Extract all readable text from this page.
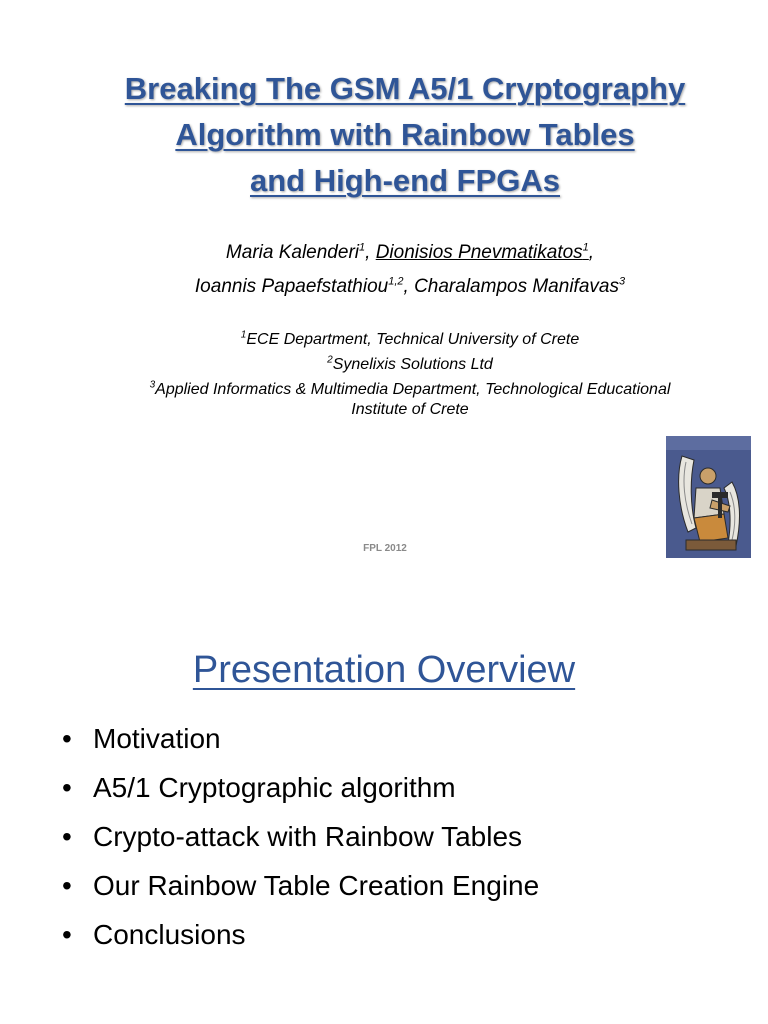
Breaking The GSM A5/1 Cryptography
Algorithm with Rainbow Tables
and High-end FPGAs
Maria Kalenderi$^1$, Dionisios Pnevmatikatos$^1$,
Ioannis Papaefstathiou$^{1,2}$, Charalampos Manifavas$^3$
$^1$ECE Department, Technical University of Crete
$^2$Synelixis Solutions Ltd
$^3$Applied Informatics & Multimedia Department, Technological Educational
Institute of Crete
FPL 2012
Presentation Overview
• Motivation
• A5/1 Cryptographic algorithm
• Crypto-attack with Rainbow Tables
• Our Rainbow Table Creation Engine
• Conclusions
